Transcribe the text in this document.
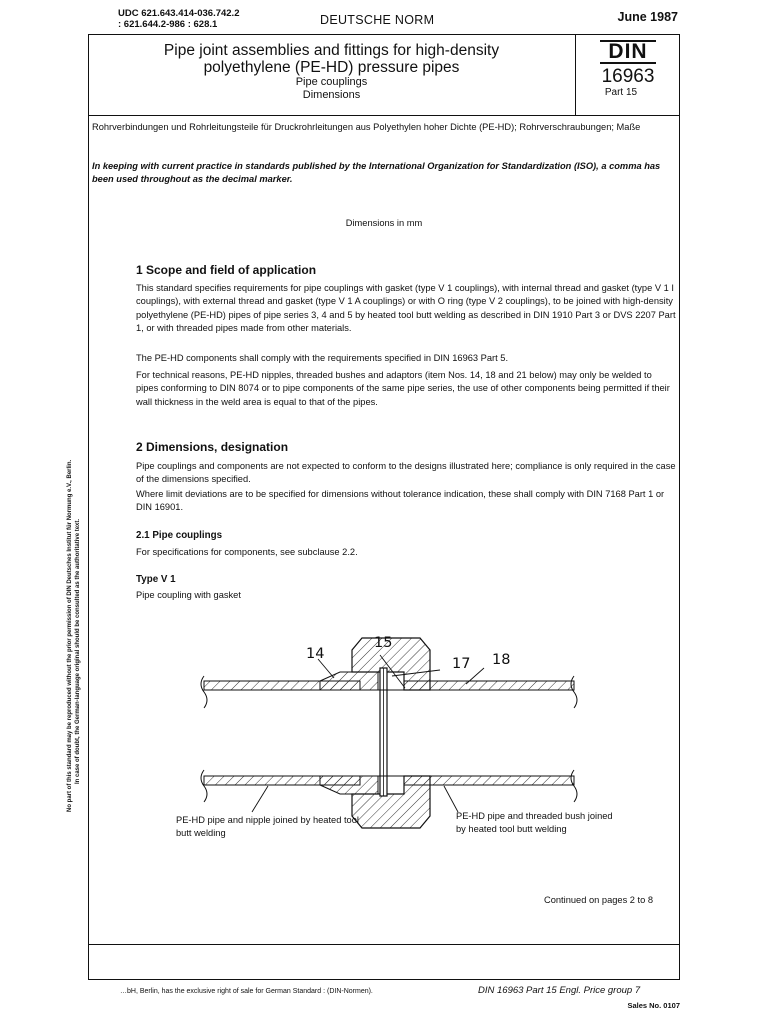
UDC 621.643.414-036.742.2
: 621.644.2-986 : 628.1	DEUTSCHE NORM	June 1987
Pipe joint assemblies and fittings for high-density
polyethylene (PE-HD) pressure pipes
Pipe couplings
Dimensions
DIN
16963
Part 15
Rohrverbindungen und Rohrleitungsteile für Druckrohrleitungen aus Polyethylen hoher Dichte (PE-HD); Rohrverschraubungen; Maße
In keeping with current practice in standards published by the International Organization for Standardization (ISO), a comma has been used throughout as the decimal marker.
Dimensions in mm
1 Scope and field of application
This standard specifies requirements for pipe couplings with gasket (type V 1 couplings), with internal thread and gasket (type V 1 I couplings), with external thread and gasket (type V 1 A couplings) or with O ring (type V 2 couplings), to be joined with high-density polyethylene (PE-HD) pipes of pipe series 3, 4 and 5 by heated tool butt welding as described in DIN 1910 Part 3 or DVS 2207 Part 1, or with threaded pipes made from other materials.
The PE-HD components shall comply with the requirements specified in DIN 16963 Part 5.
For technical reasons, PE-HD nipples, threaded bushes and adaptors (item Nos. 14, 18 and 21 below) may only be welded to pipes conforming to DIN 8074 or to pipe components of the same pipe series, the use of other components being permitted if their wall thickness in the weld area is equal to that of the pipes.
2 Dimensions, designation
Pipe couplings and components are not expected to conform to the designs illustrated here; compliance is only required in the case of the dimensions specified.
Where limit deviations are to be specified for dimensions without tolerance indication, these shall comply with DIN 7168 Part 1 or DIN 16901.
2.1 Pipe couplings
For specifications for components, see subclause 2.2.
Type V 1
Pipe coupling with gasket
15
14
17 18
PE-HD pipe and nipple joined by heated tool butt welding
PE-HD pipe and threaded bush joined by heated tool butt welding
Continued on pages 2 to 8
No part of this standard may be reproduced without the prior permission of DIN Deutsches Institut für Normung e.V., Berlin. In case of doubt, the German-language original should be consulted as the authoritative text.
…bH, Berlin, has the exclusive right of sale for German Standard : (DIN-Normen).	DIN 16963 Part 15 Engl. Price group 7
Sales No. 0107
